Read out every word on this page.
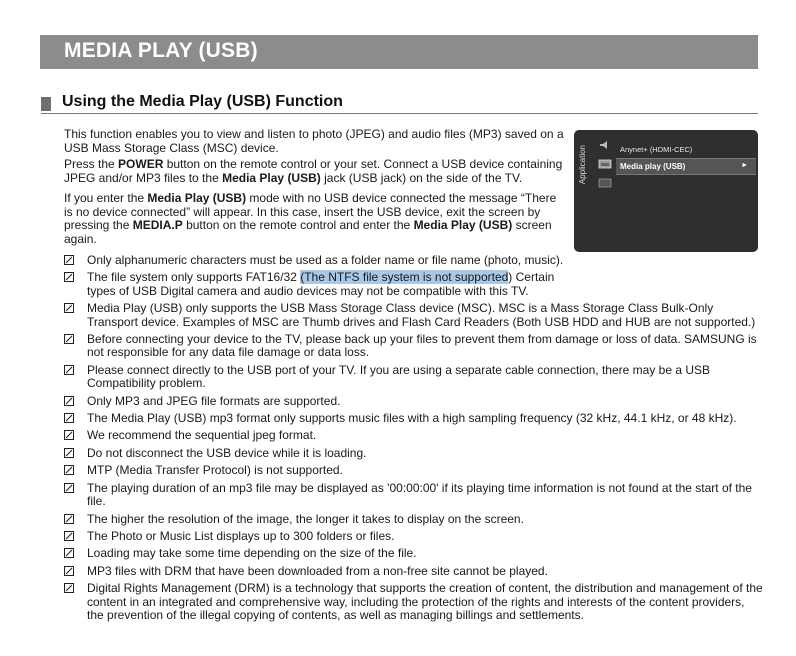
MEDIA PLAY (USB)
Using the Media Play (USB) Function
This function enables you to view and listen to photo (JPEG) and audio files (MP3) saved on a USB Mass Storage Class (MSC) device.
Press the POWER button on the remote control or your set. Connect a USB device containing JPEG and/or MP3 files to the Media Play (USB) jack (USB jack) on the side of the TV.
If you enter the Media Play (USB) mode with no USB device connected the message “There is no device connected” will appear. In this case, insert the USB device, exit the screen by pressing the MEDIA.P button on the remote control and enter the Media Play (USB) screen again.
Application	Anynet+ (HDMI-CEC)
Media play (USB)	►
Only alphanumeric characters must be used as a folder name or file name (photo, music).
The file system only supports FAT16/32 (The NTFS file system is not supported) Certain types of USB Digital camera and audio devices may not be compatible with this TV.
Media Play (USB) only supports the USB Mass Storage Class device (MSC). MSC is a Mass Storage Class Bulk-Only Transport device. Examples of MSC are Thumb drives and Flash Card Readers (Both USB HDD and HUB are not supported.)
Before connecting your device to the TV, please back up your files to prevent them from damage or loss of data. SAMSUNG is not responsible for any data file damage or data loss.
Please connect directly to the USB port of your TV. If you are using a separate cable connection, there may be a USB Compatibility problem.
Only MP3 and JPEG file formats are supported.
The Media Play (USB) mp3 format only supports music files with a high sampling frequency (32 kHz, 44.1 kHz, or 48 kHz).
We recommend the sequential jpeg format.
Do not disconnect the USB device while it is loading.
MTP (Media Transfer Protocol) is not supported.
The playing duration of an mp3 file may be displayed as '00:00:00' if its playing time information is not found at the start of the file.
The higher the resolution of the image, the longer it takes to display on the screen.
The Photo or Music List displays up to 300 folders or files.
Loading may take some time depending on the size of the file.
MP3 files with DRM that have been downloaded from a non-free site cannot be played.
Digital Rights Management (DRM) is a technology that supports the creation of content, the distribution and management of the content in an integrated and comprehensive way, including the protection of the rights and interests of the content providers, the prevention of the illegal copying of contents, as well as managing billings and settlements.
